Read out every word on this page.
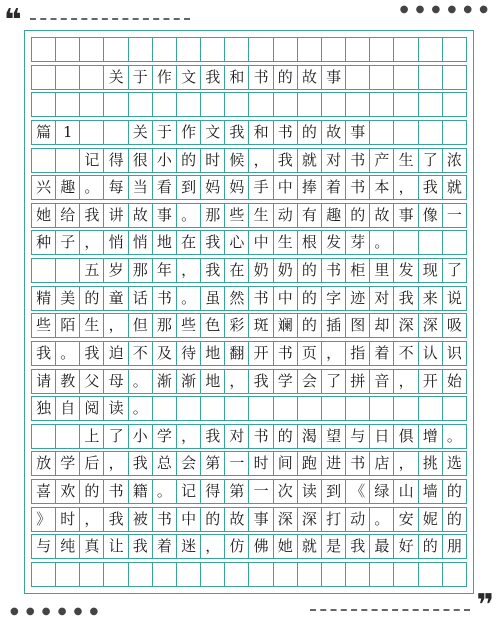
❝	● ● ● ● ● ●
关 于 作 文 我 和 书 的 故 事
篇 1	关 于 作 文 我 和 书 的 故 事
记 得 很 小 的 时 候 ， 我 就 对 书 产 生 了 浓
兴 趣 。 每 当 看 到 妈 妈 手 中 捧 着 书 本 ， 我 就
她 给 我 讲 故 事 。 那 些 生 动 有 趣 的 故 事 像 一
种 子 ， 悄 悄 地 在 我 心 中 生 根 发 芽 。
五 岁 那 年 ， 我 在 奶 奶 的 书 柜 里 发 现 了
精 美 的 童 话 书 。 虽 然 书 中 的 字 迹 对 我 来 说
些 陌 生 ， 但 那 些 色 彩 斑 斓 的 插 图 却 深 深 吸
我 。 我 迫 不 及 待 地 翻 开 书 页 ， 指 着 不 认 识
请 教 父 母 。 渐 渐 地 ， 我 学 会 了 拼 音 ， 开 始
独 自 阅 读 。
上 了 小 学 ， 我 对 书 的 渴 望 与 日 俱 增 。
放 学 后 ， 我 总 会 第 一 时 间 跑 进 书 店 ， 挑 选
喜 欢 的 书 籍 。 记 得 第 一 次 读 到 《 绿 山 墙 的
》 时 ， 我 被 书 中 的 故 事 深 深 打 动 。 安 妮 的
与 纯 真 让 我 着 迷 ， 仿 佛 她 就 是 我 最 好 的 朋
● ● ● ● ● ●	❞
